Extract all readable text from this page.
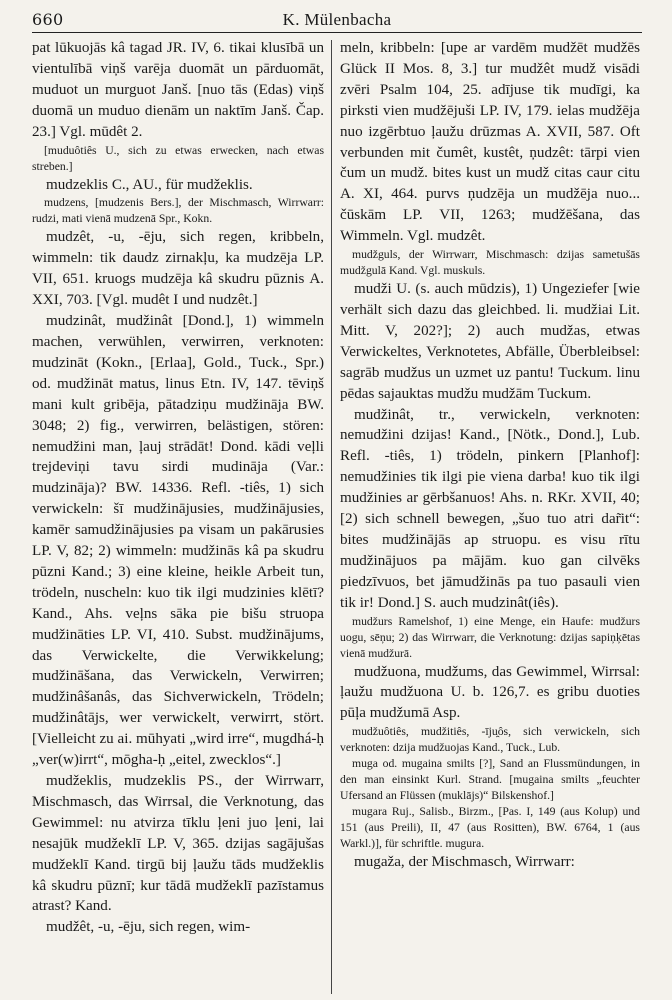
660	K. Mülenbacha

pat lūkuojās kâ tagad JR. IV, 6. tikai klusībā un vientulībā viņš varēja duomāt un pārduomāt, muduot un murguot Janš. [nuo tās (Edas) viņš duomā un muduo dienām un naktīm Janš. Čap. 23.] Vgl. mūdêt 2.

[muduôtiês U., sich zu etwas erwecken, nach etwas streben.]

mudzeklis C., AU., für mudžeklis.

mudzens, [mudzenis Bers.], der Mischmasch, Wirrwarr: rudzi, mati vienā mudzenā Spr., Kokn.

mudzêt, -u, -ēju, sich regen, kribbeln, wimmeln: tik daudz zirnakļu, ka mudzēja LP. VII, 651. kruogs mudzēja kâ skudru pūznis A. XXI, 703. [Vgl. mudêt I und nudzêt.]

mudzinât, mudžinât [Dond.], 1) wimmeln machen, verwühlen, verwirren, verknoten: mudzināt (Kokn., [Erlaa], Gold., Tuck., Spr.) od. mudžināt matus, linus Etn. IV, 147. tēviņš mani kult gribēja, pātadziņu mudžināja BW. 3048; 2) fig., verwirren, belästigen, stören: nemudžini man, ļauj strādāt! Dond. kādi veļli trejdeviņi tavu sirdi mudināja (Var.: mudzināja)? BW. 14336. Refl. -tiês, 1) sich verwickeln: šī mudžinājusies, mudžinājusies, kamēr samudžinājusies pa visam un pakārusies LP. V, 82; 2) wimmeln: mudžinās kâ pa skudru pūzni Kand.; 3) eine kleine, heikle Arbeit tun, trödeln, nuscheln: kuo tik ilgi mudzinies klētī? Kand., Ahs. veļns sāka pie bišu struopa mudžināties LP. VI, 410. Subst. mudžinājums, das Verwickelte, die Verwikkelung; mudžināšana, das Verwickeln, Verwirren; mudžinâšanâs, das Sichverwickeln, Trödeln; mudžinâtājs, wer verwickelt, verwirrt, stört. [Vielleicht zu ai. mūhyati „wird irre“, mugdhá-ḥ „ver(w)irrt“, mōgha-ḥ „eitel, zwecklos“.]

mudžeklis, mudzeklis PS., der Wirrwarr, Mischmasch, das Wirrsal, die Verknotung, das Gewimmel: nu atvirza tīklu ļeni juo ļeni, lai nesajūk mudžeklī LP. V, 365. dzijas sagājušas mudžeklī Kand. tirgū bij ļaužu tāds mudžeklis kâ skudru pūznī; kur tādā mudžeklī pazīstamus atrast? Kand.

mudžêt, -u, -ēju, sich regen, wim-

meln, kribbeln: [upe ar vardēm mudžēt mudžēs Glück II Mos. 8, 3.] tur mudžêt mudž visādi zvēri Psalm 104, 25. adījuse tik mudīgi, ka pirksti vien mudžējuši LP. IV, 179. ielas mudžēja nuo izgērbtuo ļaužu drūzmas A. XVII, 587. Oft verbunden mit čumêt, kustêt, ņudzêt: tārpi vien čum un mudž. bites kust un mudž citas caur citu A. XI, 464. purvs ņudzēja un mudžēja nuo... čūskām LP. VII, 1263; mudžēšana, das Wimmeln. Vgl. mudzêt.

mudžguls, der Wirrwarr, Mischmasch: dzijas sametušās mudžgulā Kand. Vgl. muskuls.

mudži U. (s. auch mūdzis), 1) Ungeziefer [wie verhält sich dazu das gleichbed. li. mudžiai Lit. Mitt. V, 202?]; 2) auch mudžas, etwas Verwickeltes, Verknotetes, Abfälle, Überbleibsel: sagrāb mudžus un uzmet uz pantu! Tuckum. linu pēdas sajauktas mudžu mudžām Tuckum.

mudžinât, tr., verwickeln, verknoten: nemudžini dzijas! Kand., [Nötk., Dond.], Lub. Refl. -tiês, 1) trödeln, pinkern [Planhof]: nemudžinies tik ilgi pie viena darba! kuo tik ilgi mudžinies ar gērbšanuos! Ahs. n. RKr. XVII, 40; [2) sich schnell bewegen, „šuo tuo atri dar̃it“: bites mudžinājās ap struopu. es visu rītu mudžinājuos pa mājām. kuo gan cilvēks piedzīvuos, bet jāmudžinās pa tuo pasauli vien tik ir! Dond.] S. auch mudzinât(iês).

mudžurs Ramelshof, 1) eine Menge, ein Haufe: mudžurs uogu, sēņu; 2) das Wirrwarr, die Verknotung: dzijas sapiņķētas vienā mudžurā.

mudžuona, mudžums, das Gewimmel, Wirrsal: ļaužu mudžuona U. b. 126,7. es gribu duoties pūļa mudžumā Asp.

mudžuôtiês, mudžitiês, -īju̯ôs, sich verwickeln, sich verknoten: dzija mudžuojas Kand., Tuck., Lub.

muga od. mugaina smilts [?], Sand an Flussmündungen, in den man einsinkt Kurl. Strand. [mugaina smilts „feuchter Ufersand an Flüssen (muklājs)“ Bilskenshof.]

mugara Ruj., Salisb., Birzm., [Pas. I, 149 (aus Kolup) und 151 (aus Preili), II, 47 (aus Rositten), BW. 6764, 1 (aus Warkl.)], für schriftle. mugura.

mugaža, der Mischmasch, Wirrwarr:
